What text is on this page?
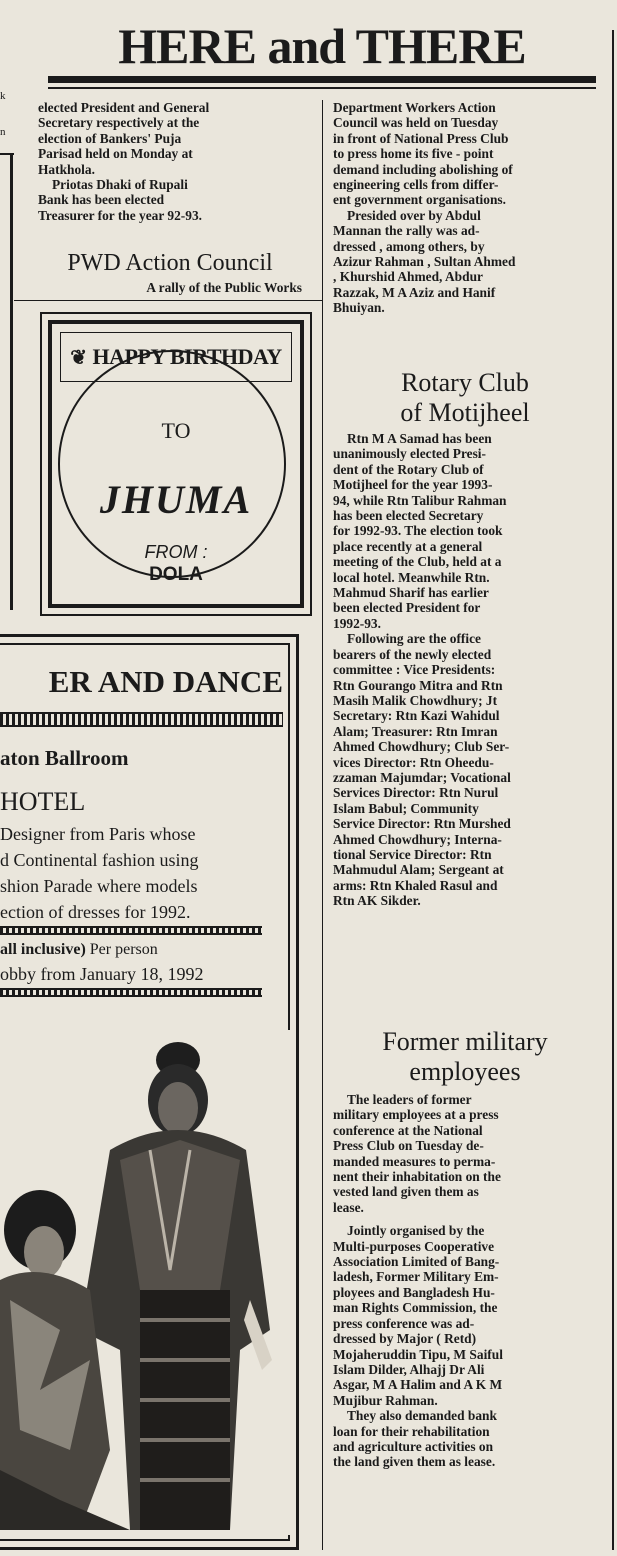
HERE and THERE
k
n

elected President and General
Secretary respectively at the
election of Bankers' Puja
Parisad held on Monday at
Hatkhola.

Priotas Dhaki of Rupali
Bank has been elected
Treasurer for the year 92-93.

PWD Action Council
A rally of the Public Works
❦ HAPPY BIRTHDAY
TO
JHUMA
FROM :
DOLA
ER AND DANCE
aton Ballroom
HOTEL
Designer from Paris whose
d Continental fashion using
shion Parade where models
ection of dresses for 1992.
all inclusive) Per person
obby from January 18, 1992

Department Workers Action
Council was held on Tuesday
in front of National Press Club
to press home its five - point
demand including abolishing of
engineering cells from differ-
ent government organisations.

Presided over by Abdul
Mannan the rally was ad-
dressed , among others, by
Azizur Rahman , Sultan Ahmed
, Khurshid Ahmed, Abdur
Razzak, M A Aziz and Hanif
Bhuiyan.

Rotary Club
of Motijheel

Rtn M A Samad has been
unanimously elected Presi-
dent of the Rotary Club of
Motijheel for the year 1993-
94, while Rtn Talibur Rahman
has been elected Secretary
for 1992-93. The election took
place recently at a general
meeting of the Club, held at a
local hotel. Meanwhile Rtn.
Mahmud Sharif has earlier
been elected President for
1992-93.

Following are the office
bearers of the newly elected
committee : Vice Presidents:
Rtn Gourango Mitra and Rtn
Masih Malik Chowdhury; Jt
Secretary: Rtn Kazi Wahidul
Alam; Treasurer: Rtn Imran
Ahmed Chowdhury; Club Ser-
vices Director: Rtn Oheedu-
zzaman Majumdar; Vocational
Services Director: Rtn Nurul
Islam Babul; Community
Service Director: Rtn Murshed
Ahmed Chowdhury; Interna-
tional Service Director: Rtn
Mahmudul Alam; Sergeant at
arms: Rtn Khaled Rasul and
Rtn AK Sikder.

Former military
employees

The leaders of former
military employees at a press
conference at the National
Press Club on Tuesday de-
manded measures to perma-
nent their inhabitation on the
vested land given them as
lease.

Jointly organised by the
Multi-purposes Cooperative
Association Limited of Bang-
ladesh, Former Military Em-
ployees and Bangladesh Hu-
man Rights Commission, the
press conference was ad-
dressed by Major ( Retd)
Mojaheruddin Tipu, M Saiful
Islam Dilder, Alhajj Dr Ali
Asgar, M A Halim and A K M
Mujibur Rahman.

They also demanded bank
loan for their rehabilitation
and agriculture activities on
the land given them as lease.
